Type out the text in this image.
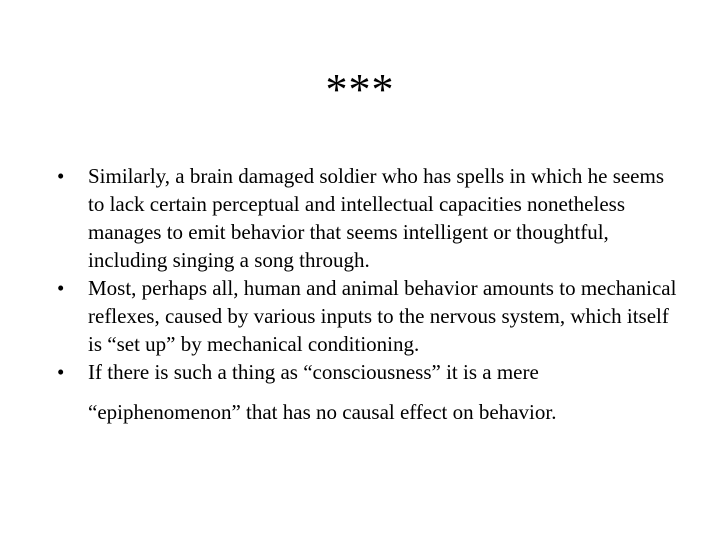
***
•	Similarly, a brain damaged soldier who has spells in which he seems to lack certain perceptual and intellectual capacities nonetheless manages to emit behavior that seems intelligent or thoughtful, including singing a song through.
•	Most, perhaps all, human and animal behavior amounts to mechanical reflexes, caused by various inputs to the nervous system, which itself is “set up” by mechanical conditioning.
•	If there is such a thing as “consciousness” it is a mere “epiphenomenon” that has no causal effect on behavior.
